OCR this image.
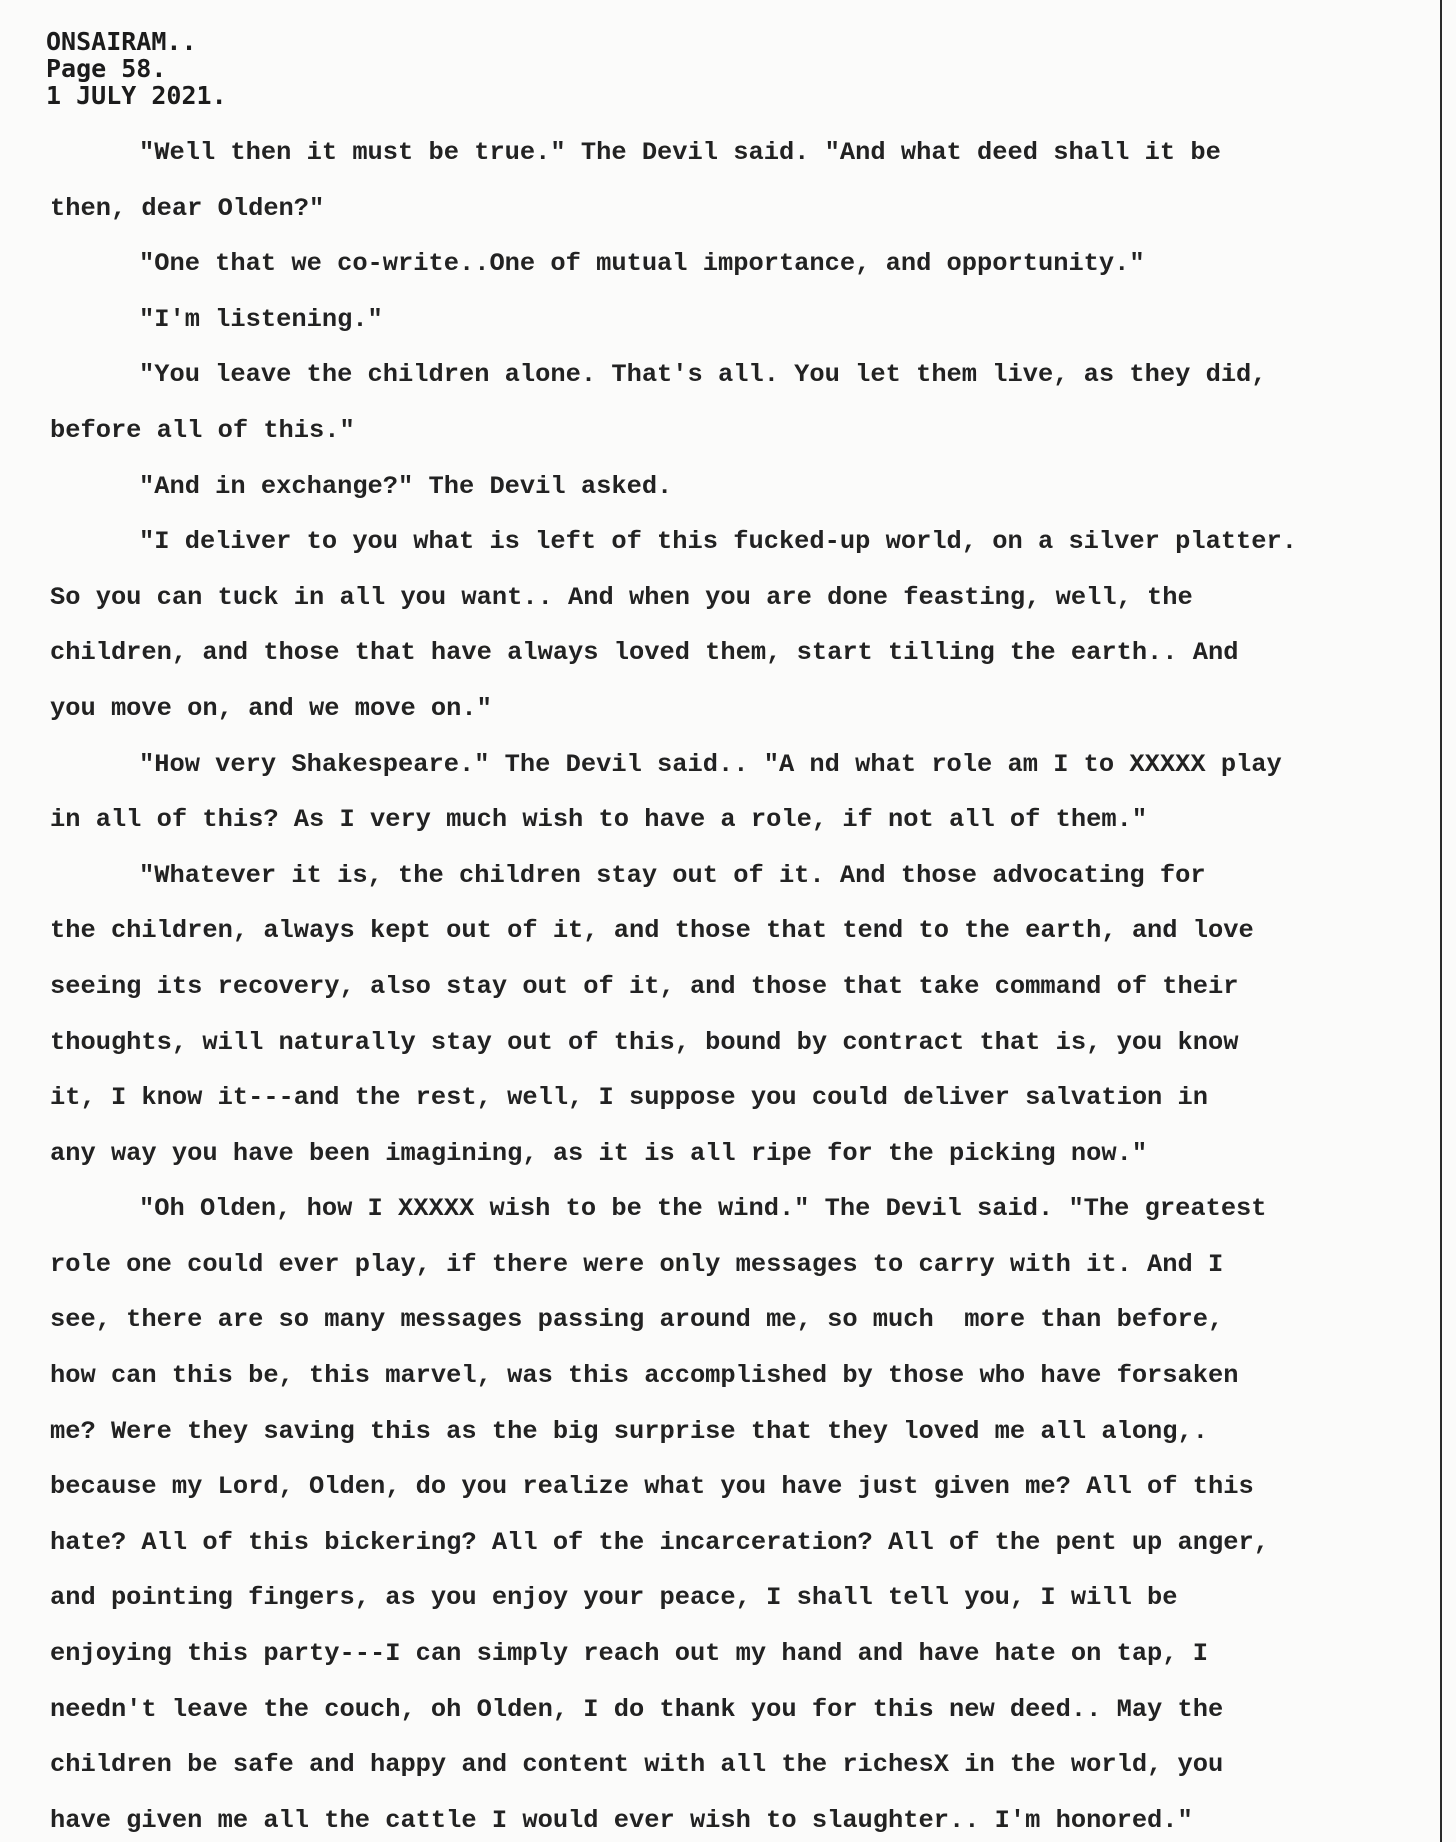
ONSAIRAM..
Page 58.
1 JULY 2021.
"Well then it must be true." The Devil said. "And what deed shall it be
then, dear Olden?"
"One that we co-write..One of mutual importance, and opportunity."
"I'm listening."
"You leave the children alone. That's all. You let them live, as they did,
before all of this."
"And in exchange?" The Devil asked.
"I deliver to you what is left of this fucked-up world, on a silver platter.
So you can tuck in all you want.. And when you are done feasting, well, the
children, and those that have always loved them, start tilling the earth.. And
you move on, and we move on."
"How very Shakespeare." The Devil said.. "A nd what role am I to XXXXX play
in all of this? As I very much wish to have a role, if not all of them."
"Whatever it is, the children stay out of it. And those advocating for
the children, always kept out of it, and those that tend to the earth, and love
seeing its recovery, also stay out of it, and those that take command of their
thoughts, will naturally stay out of this, bound by contract that is, you know
it, I know it---and the rest, well, I suppose you could deliver salvation in
any way you have been imagining, as it is all ripe for the picking now."
"Oh Olden, how I XXXXX wish to be the wind." The Devil said. "The greatest
role one could ever play, if there were only messages to carry with it. And I
see, there are so many messages passing around me, so much  more than before,
how can this be, this marvel, was this accomplished by those who have forsaken
me? Were they saving this as the big surprise that they loved me all along,.
because my Lord, Olden, do you realize what you have just given me? All of this
hate? All of this bickering? All of the incarceration? All of the pent up anger,
and pointing fingers, as you enjoy your peace, I shall tell you, I will be
enjoying this party---I can simply reach out my hand and have hate on tap, I
needn't leave the couch, oh Olden, I do thank you for this new deed.. May the
children be safe and happy and content with all the richesX in the world, you
have given me all the cattle I would ever wish to slaughter.. I'm honored."
